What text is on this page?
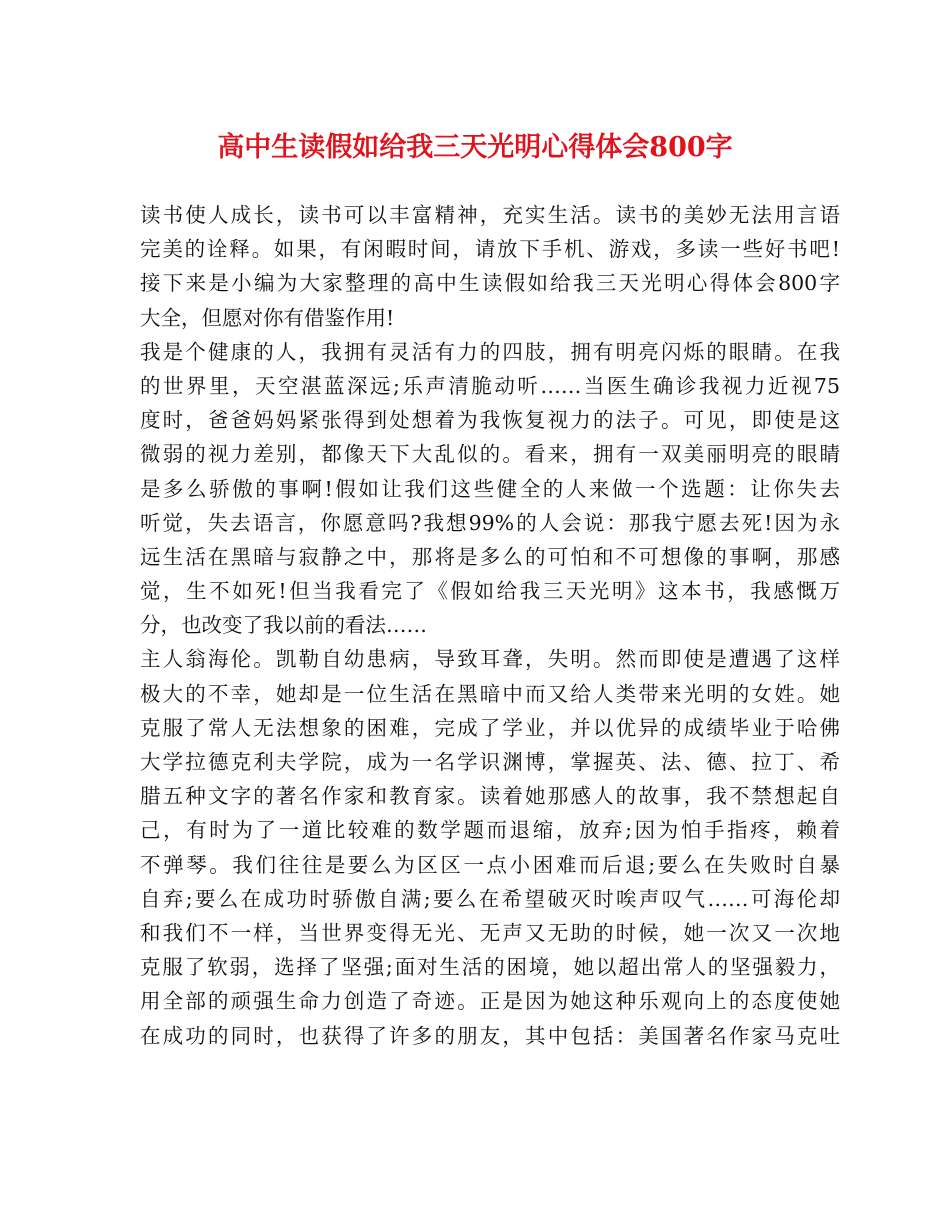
高中生读假如给我三天光明心得体会800字
读书使人成长，读书可以丰富精神，充实生活。读书的美妙无法用言语
完美的诠释。如果，有闲暇时间，请放下手机、游戏，多读一些好书吧!
接下来是小编为大家整理的高中生读假如给我三天光明心得体会800字
大全，但愿对你有借鉴作用!
我是个健康的人，我拥有灵活有力的四肢，拥有明亮闪烁的眼睛。在我
的世界里，天空湛蓝深远;乐声清脆动听……当医生确诊我视力近视75
度时，爸爸妈妈紧张得到处想着为我恢复视力的法子。可见，即使是这
微弱的视力差别，都像天下大乱似的。看来，拥有一双美丽明亮的眼睛
是多么骄傲的事啊!假如让我们这些健全的人来做一个选题：让你失去
听觉，失去语言，你愿意吗?我想99%的人会说：那我宁愿去死!因为永
远生活在黑暗与寂静之中，那将是多么的可怕和不可想像的事啊，那感
觉，生不如死!但当我看完了《假如给我三天光明》这本书，我感慨万
分，也改变了我以前的看法……
主人翁海伦。凯勒自幼患病，导致耳聋，失明。然而即使是遭遇了这样
极大的不幸，她却是一位生活在黑暗中而又给人类带来光明的女姓。她
克服了常人无法想象的困难，完成了学业，并以优异的成绩毕业于哈佛
大学拉德克利夫学院，成为一名学识渊博，掌握英、法、德、拉丁、希
腊五种文字的著名作家和教育家。读着她那感人的故事，我不禁想起自
己，有时为了一道比较难的数学题而退缩，放弃;因为怕手指疼，赖着
不弹琴。我们往往是要么为区区一点小困难而后退;要么在失败时自暴
自弃;要么在成功时骄傲自满;要么在希望破灭时唉声叹气……可海伦却
和我们不一样，当世界变得无光、无声又无助的时候，她一次又一次地
克服了软弱，选择了坚强;面对生活的困境，她以超出常人的坚强毅力，
用全部的顽强生命力创造了奇迹。正是因为她这种乐观向上的态度使她
在成功的同时，也获得了许多的朋友，其中包括：美国著名作家马克吐
